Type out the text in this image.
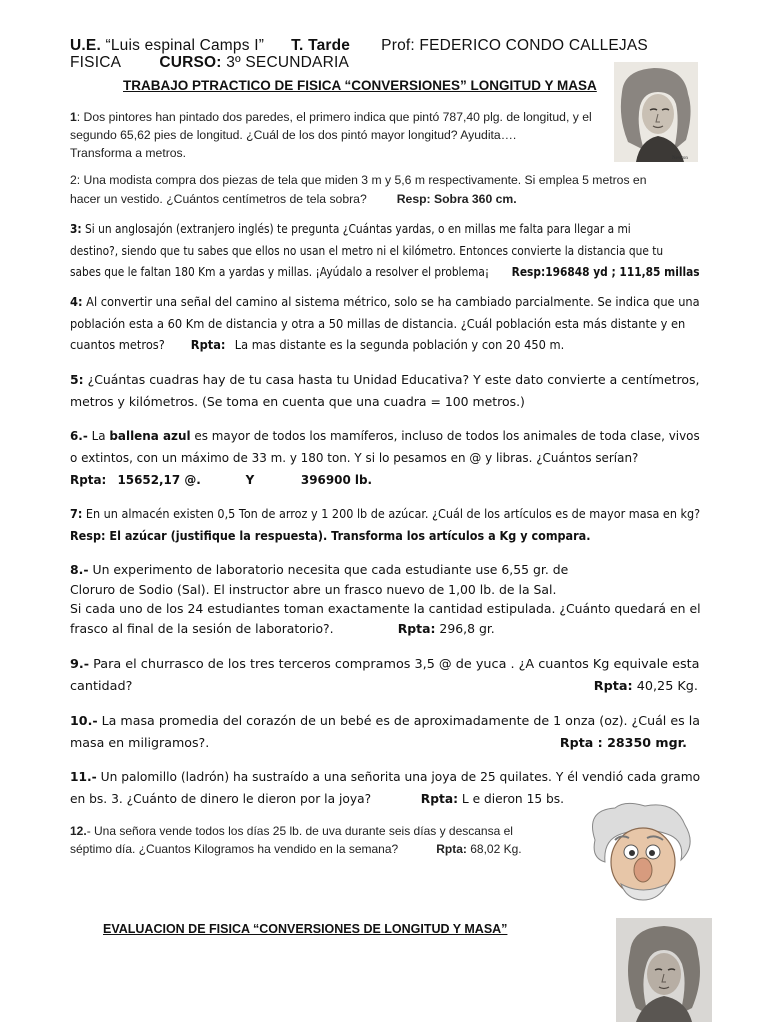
U.E. “Luis espinal Camps I” T. Tarde Prof: FEDERICO CONDO CALLEJAS
FISICA	CURSO: 3º SECUNDARIA
TRABAJO PTRACTICO DE FISICA “CONVERSIONES” LONGITUD Y MASA
Newton
1: Dos pintores han pintado dos paredes, el primero indica que pintó 787,40 plg. de longitud, y el
segundo 65,62 pies de longitud. ¿Cuál de los dos pintó mayor longitud? Ayudita….
Transforma a metros.
2: Una modista compra dos piezas de tela que miden 3 m y 5,6 m respectivamente. Si emplea 5 metros en
hacer un vestido. ¿Cuántos centímetros de tela sobra? Resp: Sobra 360 cm.
3: Si un anglosajón (extranjero inglés) te pregunta ¿Cuántas yardas, o en millas me falta para llegar a mi
destino?, siendo que tu sabes que ellos no usan el metro ni el kilómetro. Entonces convierte la distancia que tu
sabes que le faltan 180 Km a yardas y millas. ¡Ayúdalo a resolver el problema¡ Resp:196848 yd ; 111,85 millas
4: Al convertir una señal del camino al sistema métrico, solo se ha cambiado parcialmente. Se indica que una
población esta a 60 Km de distancia y otra a 50 millas de distancia. ¿Cuál población esta más distante y en
cuantos metros? Rpta: La mas distante es la segunda población y con 20 450 m.
5: ¿Cuántas cuadras hay de tu casa hasta tu Unidad Educativa? Y este dato convierte a centímetros,
metros y kilómetros. (Se toma en cuenta que una cuadra = 100 metros.)
6.- La ballena azul es mayor de todos los mamíferos, incluso de todos los animales de toda clase, vivos
o extintos, con un máximo de 33 m. y 180 ton. Y si lo pesamos en @ y libras. ¿Cuántos serían?
Rpta: 15652,17 @.	Y	396900 lb.
7: En un almacén existen 0,5 Ton de arroz y 1 200 lb de azúcar. ¿Cuál de los artículos es de mayor masa en kg?
Resp: El azúcar (justifique la respuesta). Transforma los artículos a Kg y compara.
8.- Un experimento de laboratorio necesita que cada estudiante use 6,55 gr. de
Cloruro de Sodio (Sal). El instructor abre un frasco nuevo de 1,00 lb. de la Sal.
Si cada uno de los 24 estudiantes toman exactamente la cantidad estipulada. ¿Cuánto quedará en el
frasco al final de la sesión de laboratorio?.	Rpta: 296,8 gr.
9.- Para el churrasco de los tres terceros compramos 3,5 @ de yuca . ¿A cuantos Kg equivale esta
cantidad?	Rpta: 40,25 Kg.
10.- La masa promedia del corazón de un bebé es de aproximadamente de 1 onza (oz). ¿Cuál es la
masa en miligramos?.	Rpta : 28350 mgr.
11.- Un palomillo (ladrón) ha sustraído a una señorita una joya de 25 quilates. Y él vendió cada gramo
en bs. 3. ¿Cuánto de dinero le dieron por la joya?	Rpta: L e dieron 15 bs.
12.- Una señora vende todos los días 25 lb. de uva durante seis días y descansa el
séptimo día. ¿Cuantos Kilogramos ha vendido en la semana?	Rpta: 68,02 Kg.
EVALUACION DE FISICA “CONVERSIONES DE LONGITUD Y MASA”
